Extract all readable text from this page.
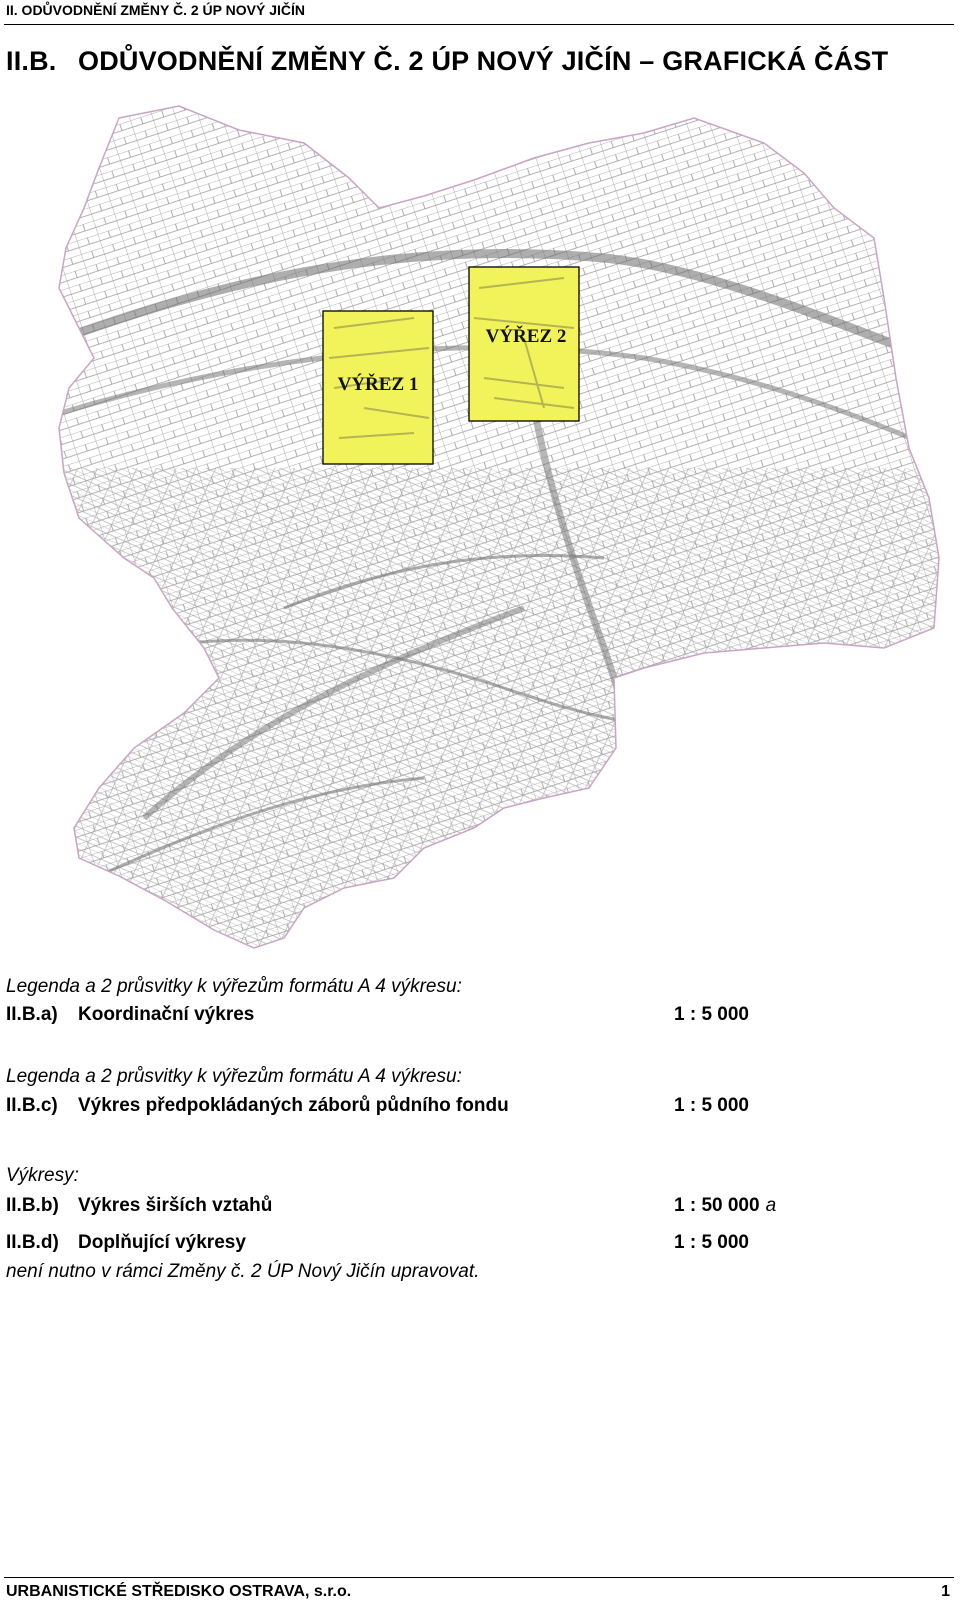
II. ODŮVODNĚNÍ ZMĚNY Č. 2 ÚP NOVÝ JIČÍN
II.B. ODŮVODNĚNÍ ZMĚNY Č. 2 ÚP NOVÝ JIČÍN – GRAFICKÁ ČÁST
VÝŘEZ 1
VÝŘEZ 2
Legenda a 2 průsvitky k výřezům formátu A 4 výkresu:
II.B.a) Koordinační výkres	1 : 5 000
Legenda a 2 průsvitky k výřezům formátu A 4 výkresu:
II.B.c) Výkres předpokládaných záborů půdního fondu	1 : 5 000
Výkresy:
II.B.b) Výkres širších vztahů	1 : 50 000 a
II.B.d) Doplňující výkresy	1 : 5 000
není nutno v rámci Změny č. 2 ÚP Nový Jičín upravovat.
URBANISTICKÉ STŘEDISKO OSTRAVA, s.r.o.	1
